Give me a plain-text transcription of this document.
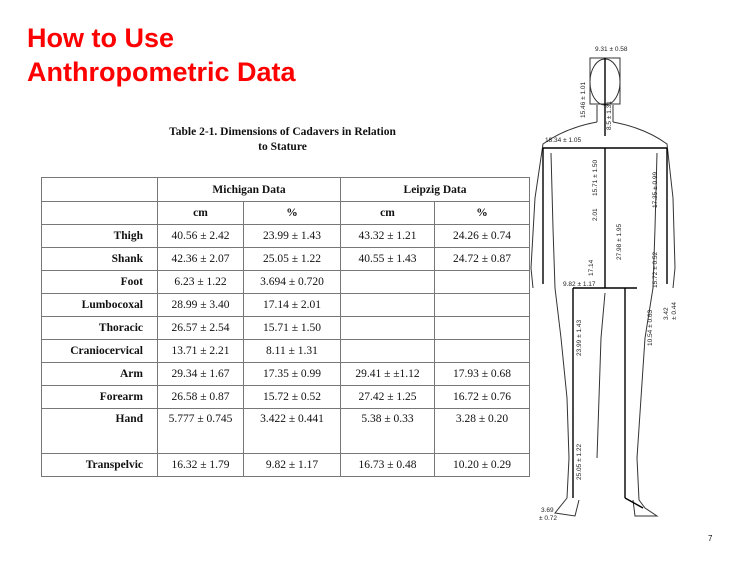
How to Use
Anthropometric Data
Table 2-1. Dimensions of Cadavers in Relation
to Stature
	Michigan Data		Leipzig Data	
	cm	%	cm	%
Thigh	40.56 ± 2.42	23.99 ± 1.43	43.32 ± 1.21	24.26 ± 0.74
Shank	42.36 ± 2.07	25.05 ± 1.22	40.55 ± 1.43	24.72 ± 0.87
Foot	6.23 ± 1.22	3.694 ± 0.720		
Lumbocoxal	28.99 ± 3.40	17.14 ± 2.01		
Thoracic	26.57 ± 2.54	15.71 ± 1.50		
Craniocervical	13.71 ± 2.21	8.11 ± 1.31		
Arm	29.34 ± 1.67	17.35 ± 0.99	29.41 ± ±1.12	17.93 ± 0.68
Forearm	26.58 ± 0.87	15.72 ± 0.52	27.42 ± 1.25	16.72 ± 0.76
Hand	5.777 ± 0.745	3.422 ± 0.441	5.38 ± 0.33	3.28 ± 0.20
Transpelvic	16.32 ± 1.79	9.82 ± 1.17	16.73 ± 0.48	10.20 ± 0.29
9.31 ± 0.58
15.46 ± 1.01	8.5 ± 1.31
18.34 ± 1.05
15.71 ± 1.50
2.01
17.35 ± 0.99
9.82 ± 1.17
27.98 ± 1.95
17.14	15.72 ± 0.52
3.42 ± 0.44
10.54 ± 0.63
23.99 ± 1.43
25.05 ± 1.22
3.69
± 0.72
7
